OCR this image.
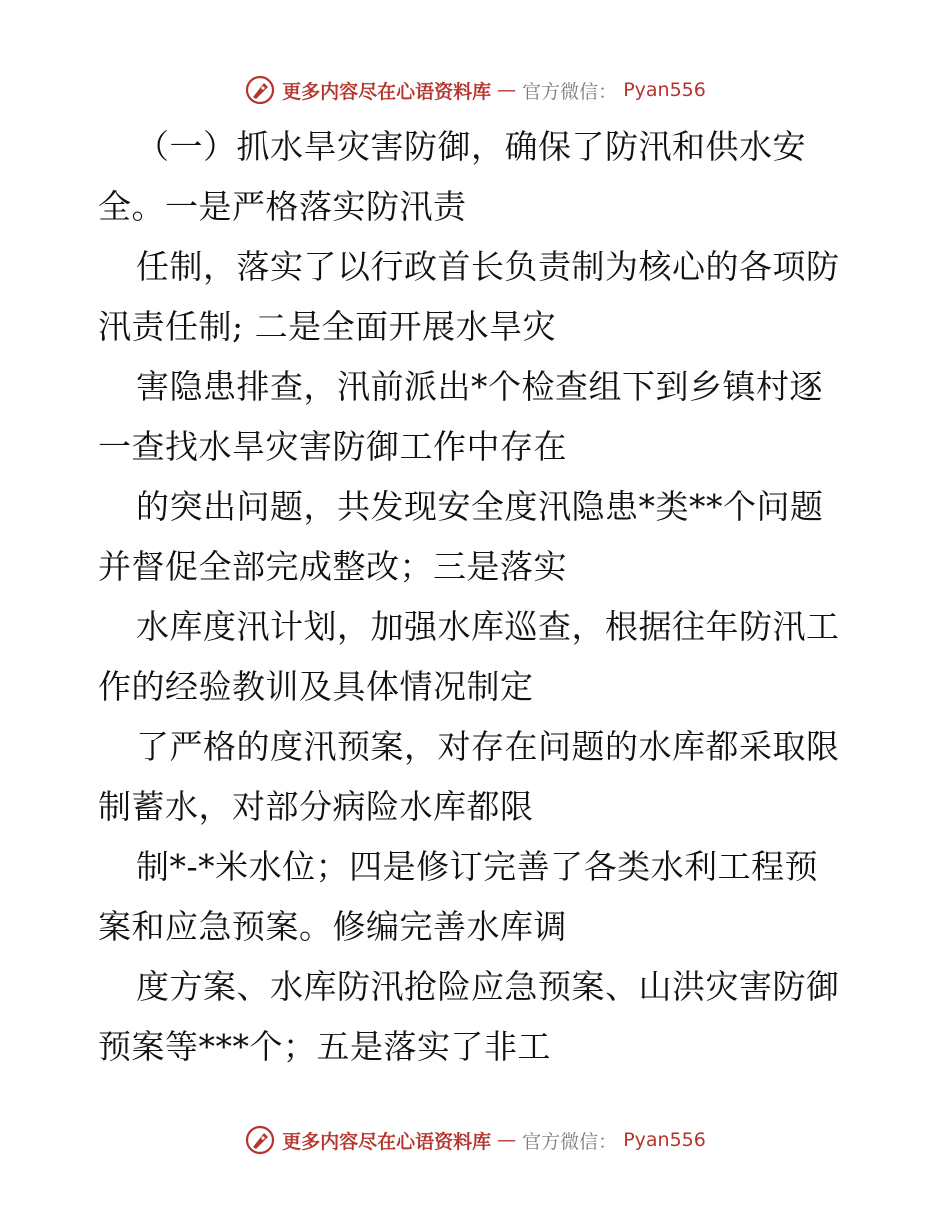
更多内容尽在心语资料库 — 官方微信： Pyan556
（一）抓水旱灾害防御，确保了防汛和供水安
全。一是严格落实防汛责
任制，落实了以行政首长负责制为核心的各项防
汛责任制; 二是全面开展水旱灾
害隐患排查，汛前派出*个检查组下到乡镇村逐
一查找水旱灾害防御工作中存在
的突出问题，共发现安全度汛隐患*类**个问题
并督促全部完成整改；三是落实
水库度汛计划，加强水库巡查，根据往年防汛工
作的经验教训及具体情况制定
了严格的度汛预案，对存在问题的水库都采取限
制蓄水，对部分病险水库都限
制*-*米水位；四是修订完善了各类水利工程预
案和应急预案。修编完善水库调
度方案、水库防汛抢险应急预案、山洪灾害防御
预案等***个；五是落实了非工
更多内容尽在心语资料库 — 官方微信： Pyan556
